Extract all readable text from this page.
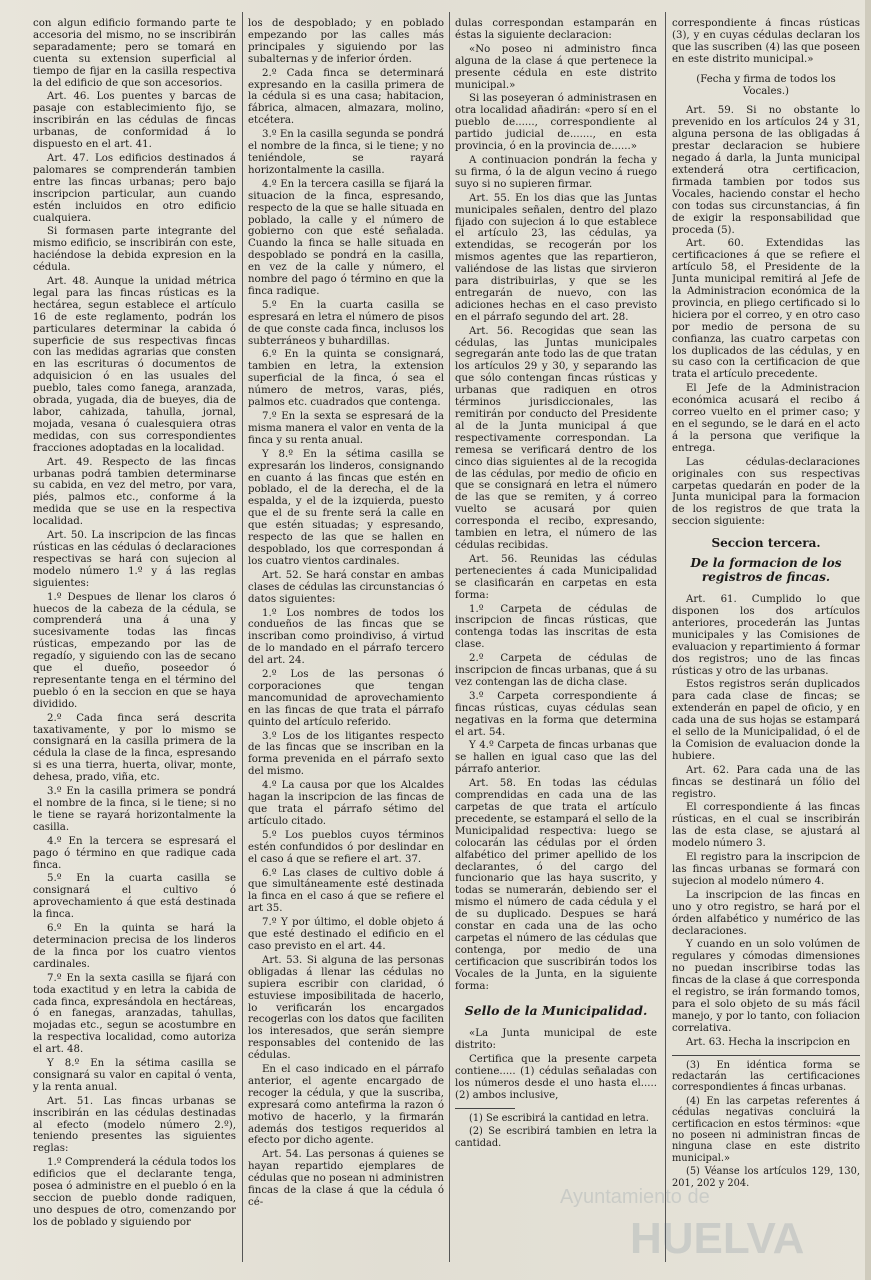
con algun edificio formando parte te accesoria del mismo, no se inscribirán separadamente; pero se tomará en cuenta su extension superficial al tiempo de fijar en la casilla respectiva la del edificio de que son accesorios.

Art. 46. Los puentes y barcas de pasaje con establecimiento fijo, se inscribirán en las cédulas de fincas urbanas, de conformidad á lo dispuesto en el art. 41.

Art. 47. Los edificios destinados á palomares se comprenderán tambien entre las fincas urbanas; pero bajo inscripcion particular, aun cuando estén incluidos en otro edificio cualquiera.

Si formasen parte integrante del mismo edificio, se inscribirán con este, haciéndose la debida expresion en la cédula.

Art. 48. Aunque la unidad métrica legal para las fincas rústicas es la hectárea, segun establece el artículo 16 de este reglamento, podrán los particulares determinar la cabida ó superficie de sus respectivas fincas con las medidas agrarias que consten en las escrituras ó documentos de adquisicion ó en las usuales del pueblo, tales como fanega, aranzada, obrada, yugada, dia de bueyes, dia de labor, cahizada, tahulla, jornal, mojada, vesana ó cualesquiera otras medidas, con sus correspondientes fracciones adoptadas en la localidad.

Art. 49. Respecto de las fincas urbanas podrá tambien determinarse su cabida, en vez del metro, por vara, piés, palmos etc., conforme á la medida que se use en la respectiva localidad.

Art. 50. La inscripcion de las fincas rústicas en las cédulas ó declaraciones respectivas se hará con sujecion al modelo número 1.º y á las reglas siguientes:

1.º Despues de llenar los claros ó huecos de la cabeza de la cédula, se comprenderá una á una y sucesivamente todas las fincas rústicas, empezando por las de regadío, y siguiendo con las de secano que el dueño, poseedor ó representante tenga en el término del pueblo ó en la seccion en que se haya dividido.

2.º Cada finca será descrita taxativamente, y por lo mismo se consignará en la casilla primera de la cédula la clase de la finca, espresando si es una tierra, huerta, olivar, monte, dehesa, prado, viña, etc.

3.º En la casilla primera se pondrá el nombre de la finca, si le tiene; si no le tiene se rayará horizontalmente la casilla.

4.º En la tercera se espresará el pago ó término en que radique cada finca.

5.º En la cuarta casilla se consignará el cultivo ó aprovechamiento á que está destinada la finca.

6.º En la quinta se hará la determinacion precisa de los linderos de la finca por los cuatro vientos cardinales.

7.º En la sexta casilla se fijará con toda exactitud y en letra la cabida de cada finca, expresándola en hectáreas, ó en fanegas, aranzadas, tahullas, mojadas etc., segun se acostumbre en la respectiva localidad, como autoriza el art. 48.

Y 8.º En la sétima casilla se consignará su valor en capital ó venta, y la renta anual.

Art. 51. Las fincas urbanas se inscribirán en las cédulas destinadas al efecto (modelo número 2.º), teniendo presentes las siguientes reglas:

1.º Comprenderá la cédula todos los edificios que el declarante tenga, posea ó administre en el pueblo ó en la seccion de pueblo donde radiquen, uno despues de otro, comenzando por los de poblado y siguiendo por

los de despoblado; y en poblado empezando por las calles más principales y siguiendo por las subalternas y de inferior órden.

2.º Cada finca se determinará expresando en la casilla primera de la cédula si es una casa; habitacion, fábrica, almacen, almazara, molino, etcétera.

3.º En la casilla segunda se pondrá el nombre de la finca, si le tiene; y no teniéndole, se rayará horizontalmente la casilla.

4.º En la tercera casilla se fijará la situacion de la finca, espresando, respecto de la que se halle situada en poblado, la calle y el número de gobierno con que esté señalada. Cuando la finca se halle situada en despoblado se pondrá en la casilla, en vez de la calle y número, el nombre del pago ó término en que la finca radique.

5.º En la cuarta casilla se espresará en letra el número de pisos de que conste cada finca, inclusos los subterráneos y buhardillas.

6.º En la quinta se consignará, tambien en letra, la extension superficial de la finca, ó sea el número de metros, varas, piés, palmos etc. cuadrados que contenga.

7.º En la sexta se espresará de la misma manera el valor en venta de la finca y su renta anual.

Y 8.º En la sétima casilla se expresarán los linderos, consignando en cuanto á las fincas que estén en poblado, el de la derecha, el de la espalda, y el de la izquierda, puesto que el de su frente será la calle en que estén situadas; y espresando, respecto de las que se hallen en despoblado, los que correspondan á los cuatro vientos cardinales.

Art. 52. Se hará constar en ambas clases de cédulas las circunstancias ó datos siguientes:

1.º Los nombres de todos los condueños de las fincas que se inscriban como proindiviso, á virtud de lo mandado en el párrafo tercero del art. 24.

2.º Los de las personas ó corporaciones que tengan mancomunidad de aprovechamiento en las fincas de que trata el párrafo quinto del artículo referido.

3.º Los de los litigantes respecto de las fincas que se inscriban en la forma prevenida en el párrafo sexto del mismo.

4.º La causa por que los Alcaldes hagan la inscripcion de las fincas de que trata el párrafo sétimo del artículo citado.

5.º Los pueblos cuyos términos estén confundidos ó por deslindar en el caso á que se refiere el art. 37.

6.º Las clases de cultivo doble á que simultáneamente esté destinada la finca en el caso á que se refiere el art 35.

7.º Y por último, el doble objeto á que esté destinado el edificio en el caso previsto en el art. 44.

Art. 53. Si alguna de las personas obligadas á llenar las cédulas no supiera escribir con claridad, ó estuviese imposibilitada de hacerlo, lo verificarán los encargados recogerlas con los datos que faciliten los interesados, que serán siempre responsables del contenido de las cédulas.

En el caso indicado en el párrafo anterior, el agente encargado de recoger la cédula, y que la suscriba, expresará como antefirma la razon ó motivo de hacerlo, y la firmarán además dos testigos requeridos al efecto por dicho agente.

Art. 54. Las personas á quienes se hayan repartido ejemplares de cédulas que no posean ni administren fincas de la clase á que la cédula ó cé-

dulas correspondan estamparán en éstas la siguiente declaracion:

«No poseo ni administro finca alguna de la clase á que pertenece la presente cédula en este distrito municipal.»

Si las poseyeran ó administrasen en otra localidad añadirán: «pero sí en el pueblo de......, correspondiente al partido judicial de......., en esta provincia, ó en la provincia de......»

A continuacion pondrán la fecha y su firma, ó la de algun vecino á ruego suyo si no supieren firmar.

Art. 55. En los dias que las Juntas municipales señalen, dentro del plazo fijado con sujecion á lo que establece el artículo 23, las cédulas, ya extendidas, se recogerán por los mismos agentes que las repartieron, valiéndose de las listas que sirvieron para distribuirlas, y que se les entregarán de nuevo, con las adiciones hechas en el caso previsto en el párrafo segundo del art. 28.

Art. 56. Recogidas que sean las cédulas, las Juntas municipales segregarán ante todo las de que tratan los artículos 29 y 30, y separando las que sólo contengan fincas rústicas y urbanas que radiquen en otros términos jurisdiccionales, las remitirán por conducto del Presidente al de la Junta municipal á que respectivamente correspondan. La remesa se verificará dentro de los cinco dias siguientes al de la recogida de las cédulas, por medio de oficio en que se consignará en letra el número de las que se remiten, y á correo vuelto se acusará por quien corresponda el recibo, expresando, tambien en letra, el número de las cédulas recibidas.

Art. 56. Reunidas las cédulas pertenecientes á cada Municipalidad se clasificarán en carpetas en esta forma:

1.º Carpeta de cédulas de inscripcion de fincas rústicas, que contenga todas las inscritas de esta clase.

2.º Carpeta de cédulas de inscripcion de fincas urbanas, que á su vez contengan las de dicha clase.

3.º Carpeta correspondiente á fincas rústicas, cuyas cédulas sean negativas en la forma que determina el art. 54.

Y 4.º Carpeta de fincas urbanas que se hallen en igual caso que las del párrafo anterior.

Art. 58. En todas las cédulas comprendidas en cada una de las carpetas de que trata el artículo precedente, se estampará el sello de la Municipalidad respectiva: luego se colocarán las cédulas por el órden alfabético del primer apellido de los declarantes, ó del cargo del funcionario que las haya suscrito, y todas se numerarán, debiendo ser el mismo el número de cada cédula y el de su duplicado. Despues se hará constar en cada una de las ocho carpetas el número de las cédulas que contenga, por medio de una certificacion que suscribirán todos los Vocales de la Junta, en la siguiente forma:

Sello de la Municipalidad.

«La Junta municipal de este distrito:

Certifica que la presente carpeta contiene..... (1) cédulas señaladas con los números desde el uno hasta el..... (2) ambos inclusive,

(1) Se escribirá la cantidad en letra.

(2) Se escribirá tambien en letra la cantidad.

correspondiente á fincas rústicas (3), y en cuyas cédulas declaran los que las suscriben (4) las que poseen en este distrito municipal.»

(Fecha y firma de todos los Vocales.)

Art. 59. Si no obstante lo prevenido en los artículos 24 y 31, alguna persona de las obligadas á prestar declaracion se hubiere negado á darla, la Junta municipal extenderá otra certificacion, firmada tambien por todos sus Vocales, haciendo constar el hecho con todas sus circunstancias, á fin de exigir la responsabilidad que proceda (5).

Art. 60. Extendidas las certificaciones á que se refiere el artículo 58, el Presidente de la Junta municipal remitirá al Jefe de la Administracion económica de la provincia, en pliego certificado si lo hiciera por el correo, y en otro caso por medio de persona de su confianza, las cuatro carpetas con los duplicados de las cédulas, y en su caso con la certificacion de que trata el artículo precedente.

El Jefe de la Administracion económica acusará el recibo á correo vuelto en el primer caso; y en el segundo, se le dará en el acto á la persona que verifique la entrega.

Las cédulas-declaraciones originales con sus respectivas carpetas quedarán en poder de la Junta municipal para la formacion de los registros de que trata la seccion siguiente:

Seccion tercera.
De la formacion de los registros de fincas.

Art. 61. Cumplido lo que disponen los dos artículos anteriores, procederán las Juntas municipales y las Comisiones de evaluacion y repartimiento á formar dos registros; uno de las fincas rústicas y otro de las urbanas.

Estos registros serán duplicados para cada clase de fincas; se extenderán en papel de oficio, y en cada una de sus hojas se estampará el sello de la Municipalidad, ó el de la Comision de evaluacion donde la hubiere.

Art. 62. Para cada una de las fincas se destinará un fólio del registro.

El correspondiente á las fincas rústicas, en el cual se inscribirán las de esta clase, se ajustará al modelo número 3.

El registro para la inscripcion de las fincas urbanas se formará con sujecion al modelo número 4.

La inscripcion de las fincas en uno y otro registro, se hará por el órden alfabético y numérico de las declaraciones.

Y cuando en un solo volúmen de regulares y cómodas dimensiones no puedan inscribirse todas las fincas de la clase á que corresponda el registro, se irán formando tomos, para el solo objeto de su más fácil manejo, y por lo tanto, con foliacion correlativa.

Art. 63. Hecha la inscripcion en

(3) En idéntica forma se redactarán las certificaciones correspondientes á fincas urbanas.

(4) En las carpetas referentes á cédulas negativas concluirá la certificacion en estos términos: «que no poseen ni administran fincas de ninguna clase en este distrito municipal.»

(5) Véanse los artículos 129, 130, 201, 202 y 204.

Ayuntamiento de
HUELVA
